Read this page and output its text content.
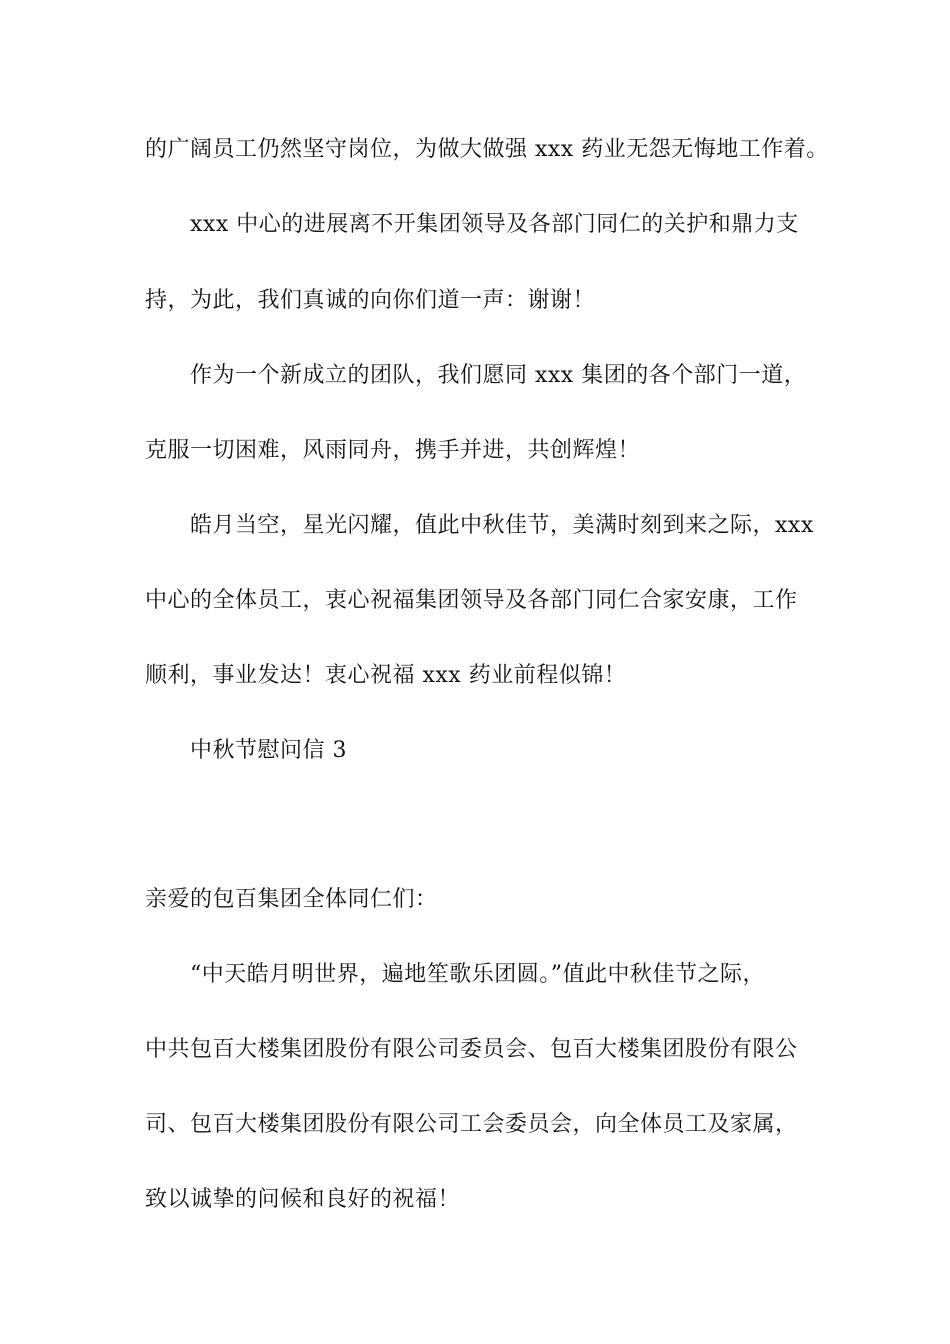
的广阔员工仍然坚守岗位，为做大做强 xxx 药业无怨无悔地工作着。
xxx 中心的进展离不开集团领导及各部门同仁的关护和鼎力支
持，为此，我们真诚的向你们道一声：谢谢！
作为一个新成立的团队，我们愿同 xxx 集团的各个部门一道，
克服一切困难，风雨同舟，携手并进，共创辉煌！
皓月当空，星光闪耀，值此中秋佳节，美满时刻到来之际，xxx
中心的全体员工，衷心祝福集团领导及各部门同仁合家安康，工作
顺利，事业发达！衷心祝福 xxx 药业前程似锦！
中秋节慰问信 3
亲爱的包百集团全体同仁们：
“中天皓月明世界，遍地笙歌乐团圆。”值此中秋佳节之际，
中共包百大楼集团股份有限公司委员会、包百大楼集团股份有限公
司、包百大楼集团股份有限公司工会委员会，向全体员工及家属，
致以诚挚的问候和良好的祝福！
